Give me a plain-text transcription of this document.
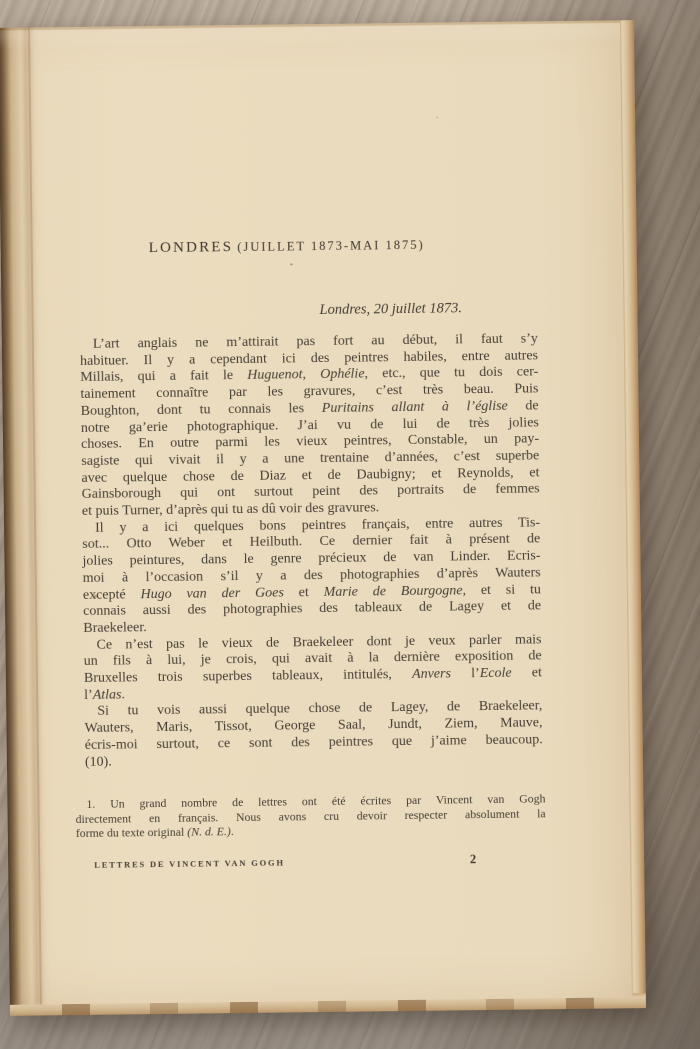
LONDRES (JUILLET 1873-MAI 1875)
Londres, 20 juillet 1873.
L’art anglais ne m’attirait pas fort au début, il faut s’y
habituer. Il y a cependant ici des peintres habiles, entre autres
Millais, qui a fait le Huguenot, Ophélie, etc., que tu dois cer-
tainement connaître par les gravures, c’est très beau. Puis
Boughton, dont tu connais les Puritains allant à l’église de
notre ga’erie photographique. J’ai vu de lui de très jolies
choses. En outre parmi les vieux peintres, Constable, un pay-
sagiste qui vivait il y a une trentaine d’années, c’est superbe
avec quelque chose de Diaz et de Daubigny; et Reynolds, et
Gainsborough qui ont surtout peint des portraits de femmes
et puis Turner, d’après qui tu as dû voir des gravures.
Il y a ici quelques bons peintres français, entre autres Tis-
sot... Otto Weber et Heilbuth. Ce dernier fait à présent de
jolies peintures, dans le genre précieux de van Linder. Ecris-
moi à l’occasion s’il y a des photographies d’après Wauters
excepté Hugo van der Goes et Marie de Bourgogne, et si tu
connais aussi des photographies des tableaux de Lagey et de
Braekeleer.
Ce n’est pas le vieux de Braekeleer dont je veux parler mais
un fils à lui, je crois, qui avait à la dernière exposition de
Bruxelles trois superbes tableaux, intitulés, Anvers l’Ecole et
l’Atlas.
Si tu vois aussi quelque chose de Lagey, de Braekeleer,
Wauters, Maris, Tissot, George Saal, Jundt, Ziem, Mauve,
écris-moi surtout, ce sont des peintres que j’aime beaucoup.
(10).
1. Un grand nombre de lettres ont été écrites par Vincent van Gogh
directement en français. Nous avons cru devoir respecter absolument la
forme du texte original (N. d. E.).
LETTRES DE VINCENT VAN GOGH	2
